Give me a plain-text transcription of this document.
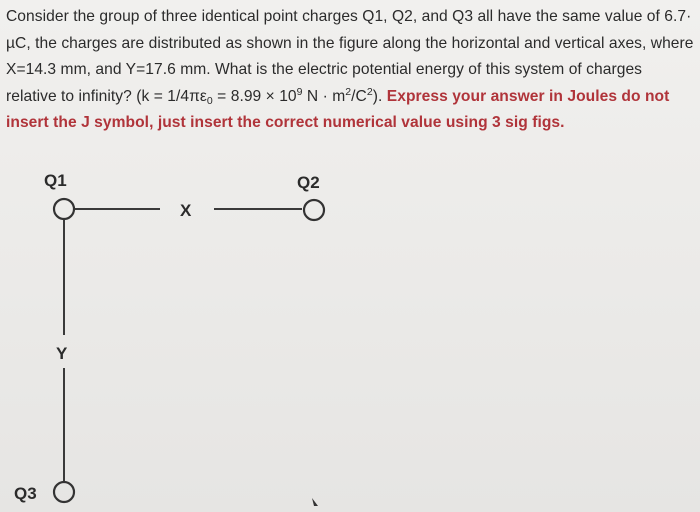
Consider the group of three identical point charges Q1, Q2, and Q3 all have the same value of 6.7·

µC, the charges are distributed as shown in the figure along the horizontal and vertical axes, where

X=14.3 mm, and Y=17.6 mm. What is the electric potential energy of this system of charges

relative to infinity? ($k = 1/4\pi\varepsilon_0 = 8.99 \times 10^9$ $N \cdot m^2/C^2$). Express your answer in Joules do not

insert the J symbol, just insert the correct numerical value using 3 sig figs.

Q1	Q2
Q3
X
Y
